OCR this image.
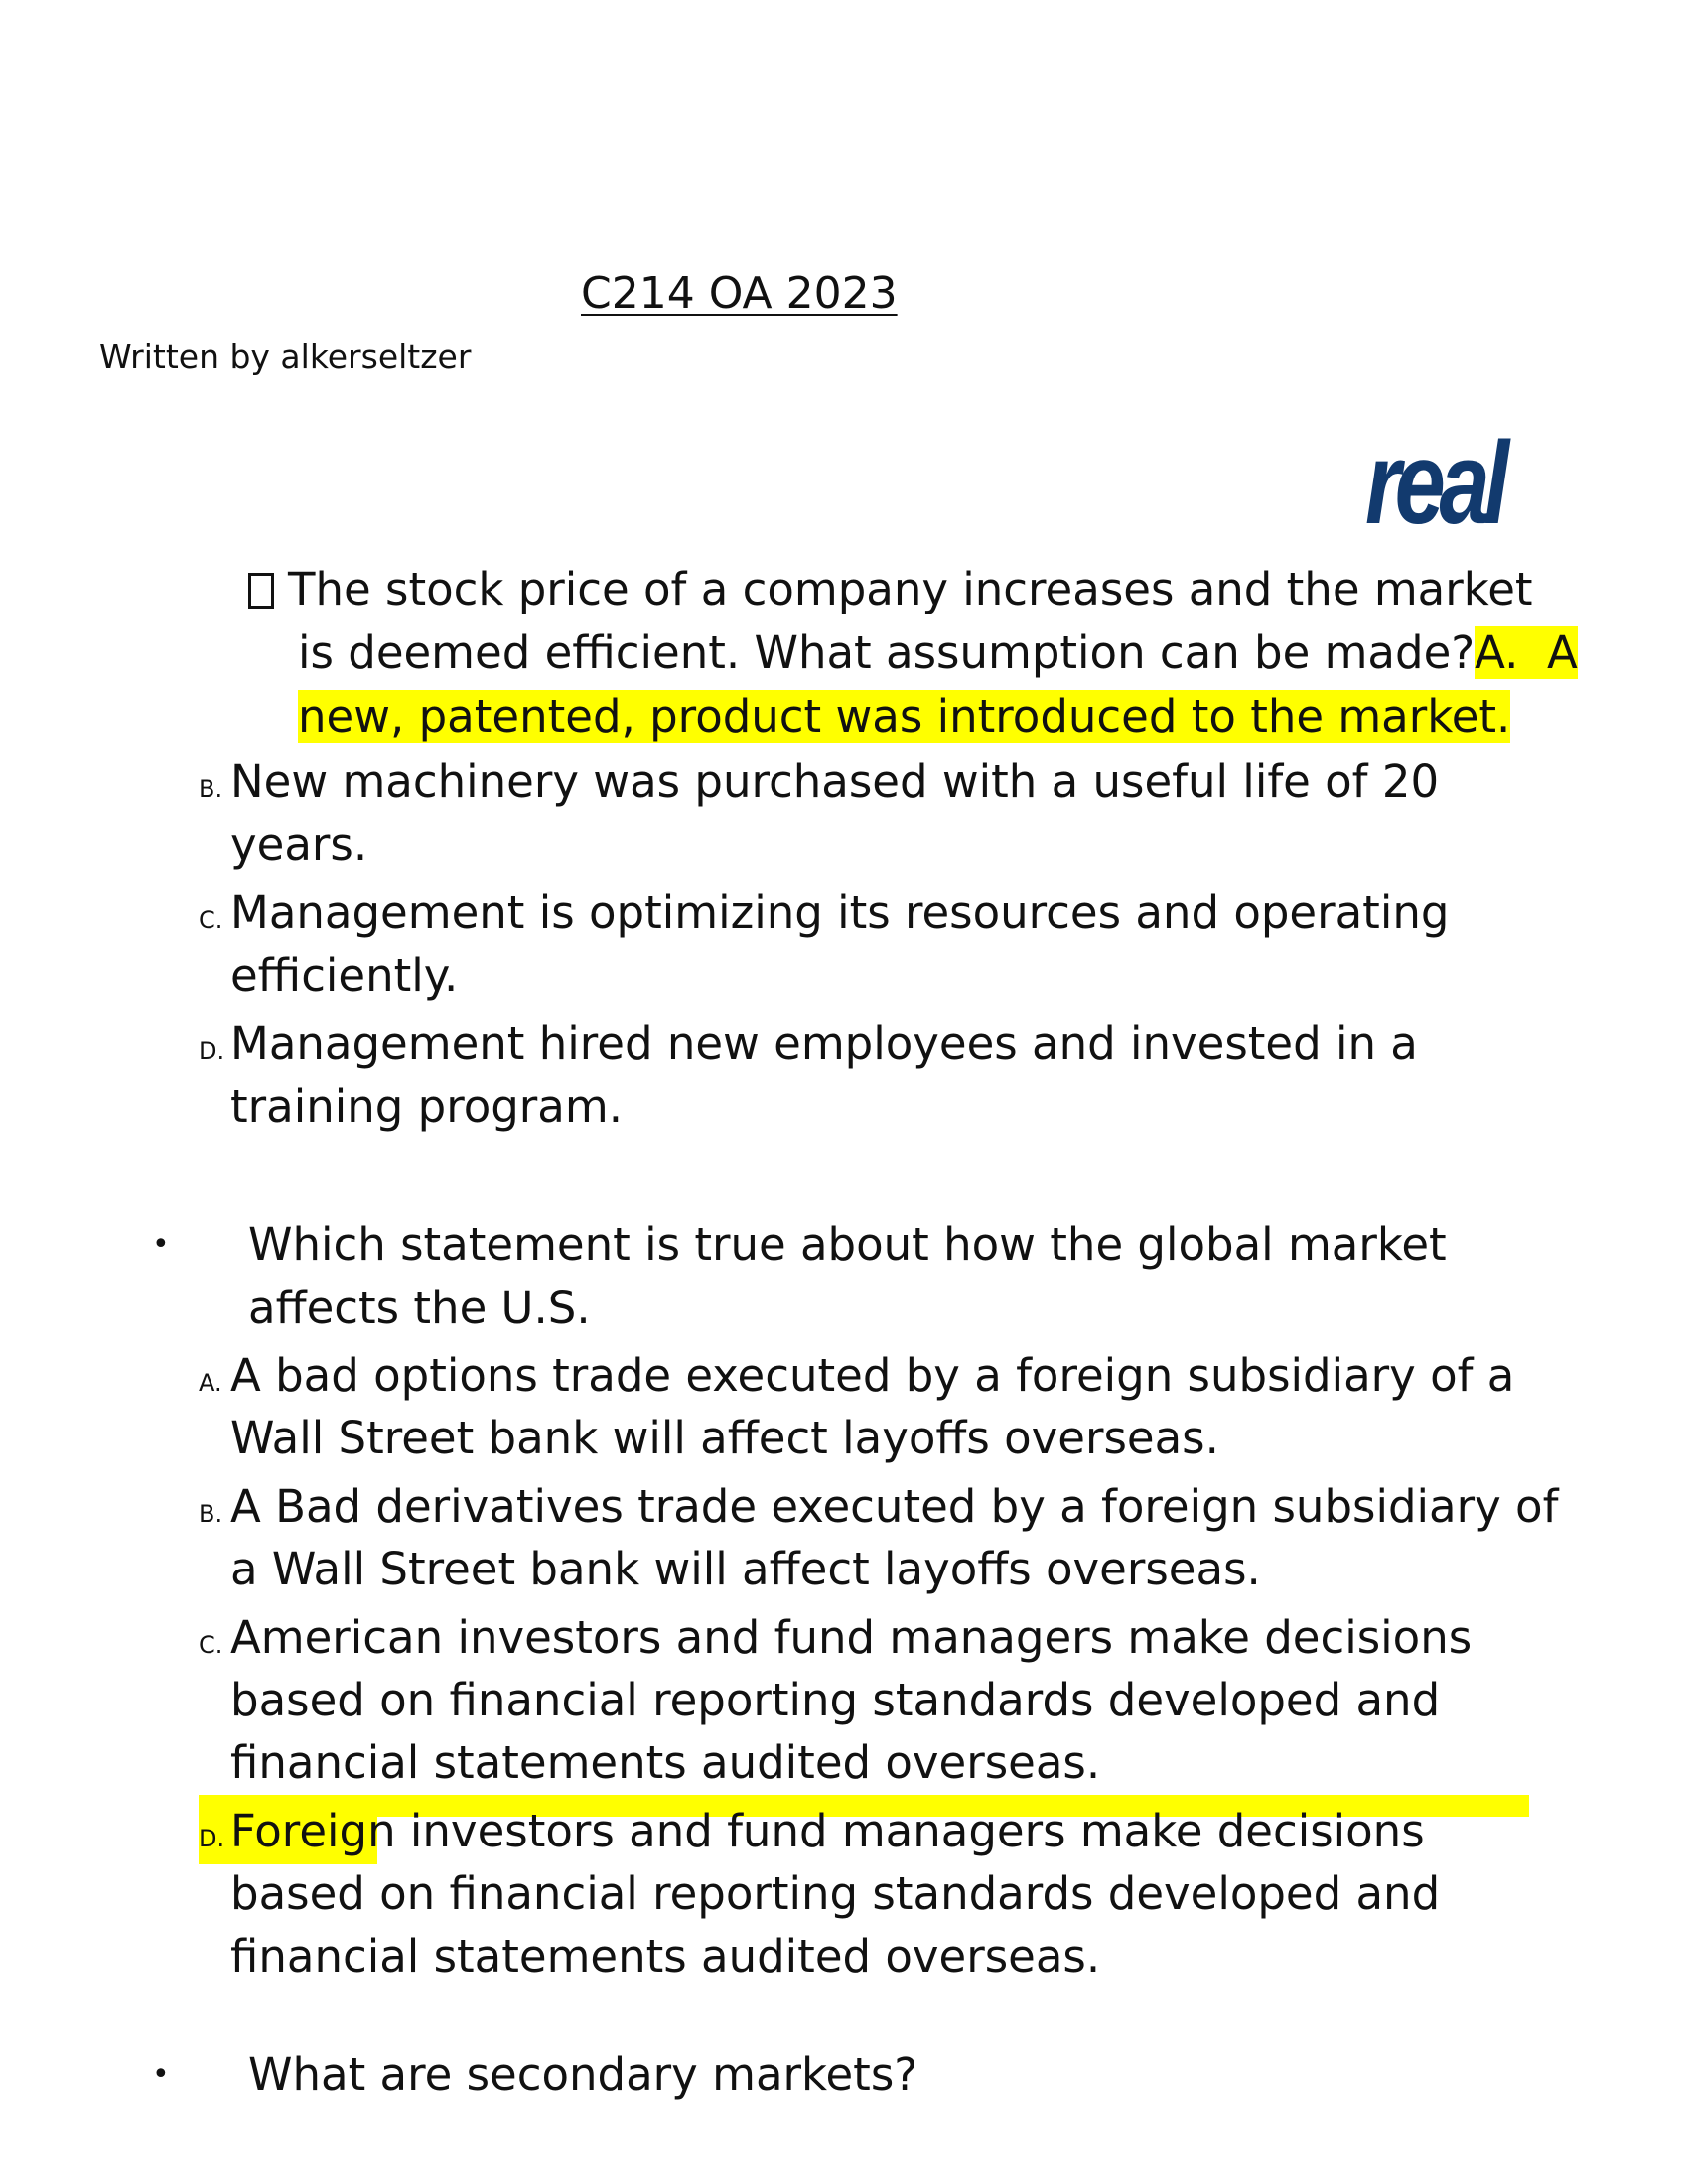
C214 OA 2023
Written by alkerseltzer
real
The stock price of a company increases and the market
is deemed efficient. What assumption can be made?A. A
new, patented, product was introduced to the market.
B. New machinery was purchased with a useful life of 20 years.
C. Management is optimizing its resources and operating efficiently.
D. Management hired new employees and invested in a training program.
• Which statement is true about how the global market affects the U.S.
A. A bad options trade executed by a foreign subsidiary of a Wall Street bank will affect layoffs overseas.
B. A Bad derivatives trade executed by a foreign subsidiary of a Wall Street bank will affect layoffs overseas.
C. American investors and fund managers make decisions based on financial reporting standards developed and financial statements audited overseas.
D. Foreign investors and fund managers make decisions based on financial reporting standards developed and financial statements audited overseas.
• What are secondary markets?
